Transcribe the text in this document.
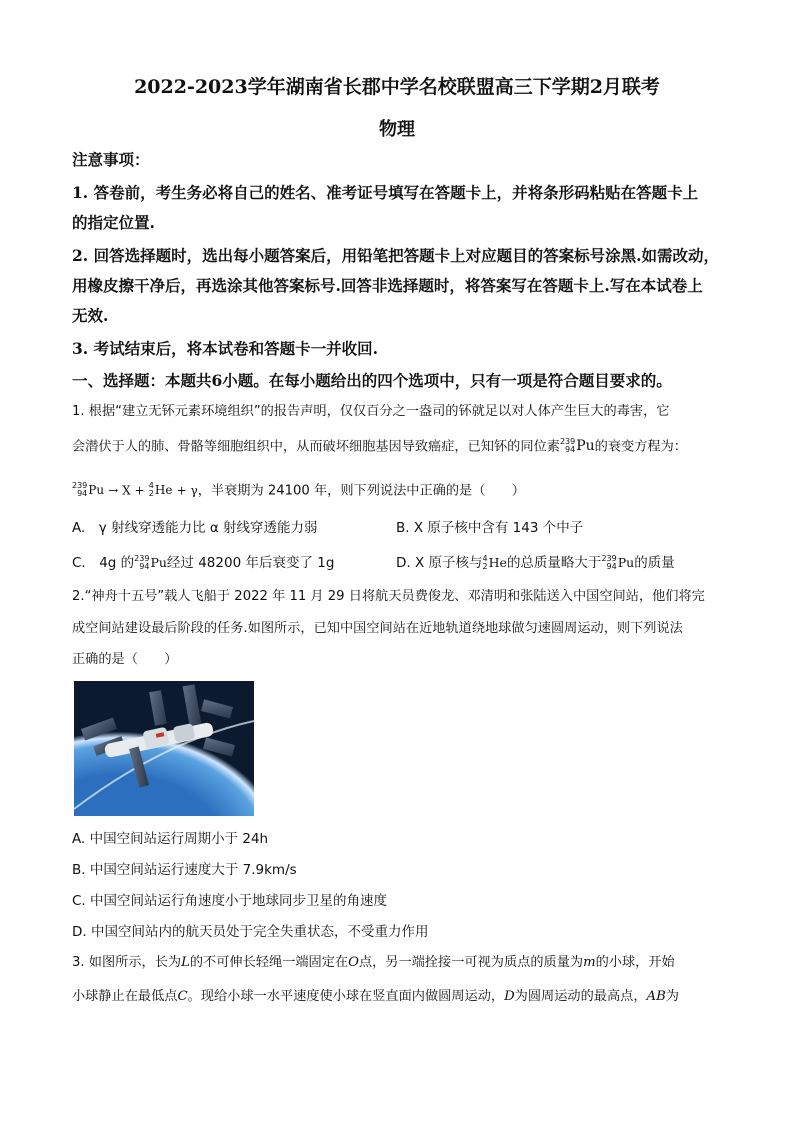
2022-2023学年湖南省长郡中学名校联盟高三下学期2月联考
物理
注意事项：
1. 答卷前，考生务必将自己的姓名、准考证号填写在答题卡上，并将条形码粘贴在答题卡上
的指定位置.
2. 回答选择题时，选出每小题答案后，用铅笔把答题卡上对应题目的答案标号涂黑.如需改动，
用橡皮擦干净后，再选涂其他答案标号.回答非选择题时，将答案写在答题卡上.写在本试卷上
无效.
3. 考试结束后，将本试卷和答题卡一并收回.
一、选择题：本题共6小题。在每小题给出的四个选项中，只有一项是符合题目要求的。
1. 根据“建立无钚元素环境组织”的报告声明，仅仅百分之一盎司的钚就足以对人体产生巨大的毒害，它
会潜伏于人的肺、骨骼等细胞组织中，从而破坏细胞基因导致癌症，已知钚的同位素 239
94 Pu的衰变方程为：
239
94 Pu → X + 4
2 He + γ，半衰期为 24100 年，则下列说法中正确的是（　　）
A.　γ 射线穿透能力比 α 射线穿透能力弱	B. X 原子核中含有 143 个中子
C.　4g 的 239
94 Pu经过 48200 年后衰变了 1g	D. X 原子核与 4
2 He的总质量略大于 239
94 Pu的质量
2.“神舟十五号”载人飞船于 2022 年 11 月 29 日将航天员费俊龙、邓清明和张陆送入中国空间站，他们将完
成空间站建设最后阶段的任务.如图所示，已知中国空间站在近地轨道绕地球做匀速圆周运动，则下列说法
正确的是（　　）
A. 中国空间站运行周期小于 24h
B. 中国空间站运行速度大于 7.9km/s
C. 中国空间站运行角速度小于地球同步卫星的角速度
D. 中国空间站内的航天员处于完全失重状态，不受重力作用
3. 如图所示，长为L的不可伸长轻绳一端固定在O点，另一端拴接一可视为质点的质量为m的小球，开始
小球静止在最低点C。现给小球一水平速度使小球在竖直面内做圆周运动，D为圆周运动的最高点，AB为
